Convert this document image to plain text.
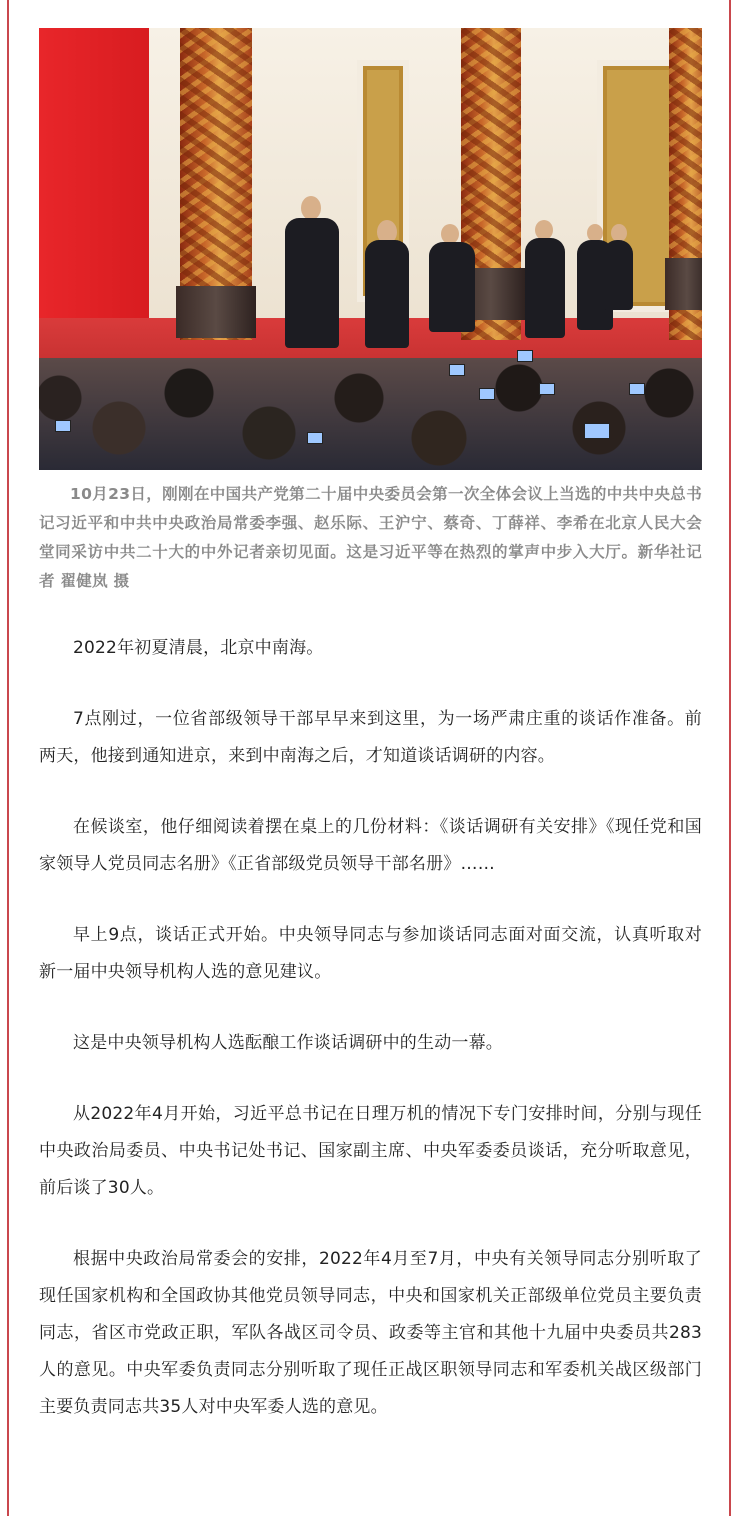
10月23日，刚刚在中国共产党第二十届中央委员会第一次全体会议上当选的中共中央总书记习近平和中共中央政治局常委李强、赵乐际、王沪宁、蔡奇、丁薛祥、李希在北京人民大会堂同采访中共二十大的中外记者亲切见面。这是习近平等在热烈的掌声中步入大厅。新华社记者 翟健岚 摄

2022年初夏清晨，北京中南海。

7点刚过，一位省部级领导干部早早来到这里，为一场严肃庄重的谈话作准备。前两天，他接到通知进京，来到中南海之后，才知道谈话调研的内容。

在候谈室，他仔细阅读着摆在桌上的几份材料：《谈话调研有关安排》《现任党和国家领导人党员同志名册》《正省部级党员领导干部名册》……

早上9点，谈话正式开始。中央领导同志与参加谈话同志面对面交流，认真听取对新一届中央领导机构人选的意见建议。

这是中央领导机构人选酝酿工作谈话调研中的生动一幕。

从2022年4月开始，习近平总书记在日理万机的情况下专门安排时间，分别与现任中央政治局委员、中央书记处书记、国家副主席、中央军委委员谈话，充分听取意见，前后谈了30人。

根据中央政治局常委会的安排，2022年4月至7月，中央有关领导同志分别听取了现任国家机构和全国政协其他党员领导同志，中央和国家机关正部级单位党员主要负责同志，省区市党政正职，军队各战区司令员、政委等主官和其他十九届中央委员共283人的意见。中央军委负责同志分别听取了现任正战区职领导同志和军委机关战区级部门主要负责同志共35人对中央军委人选的意见。
